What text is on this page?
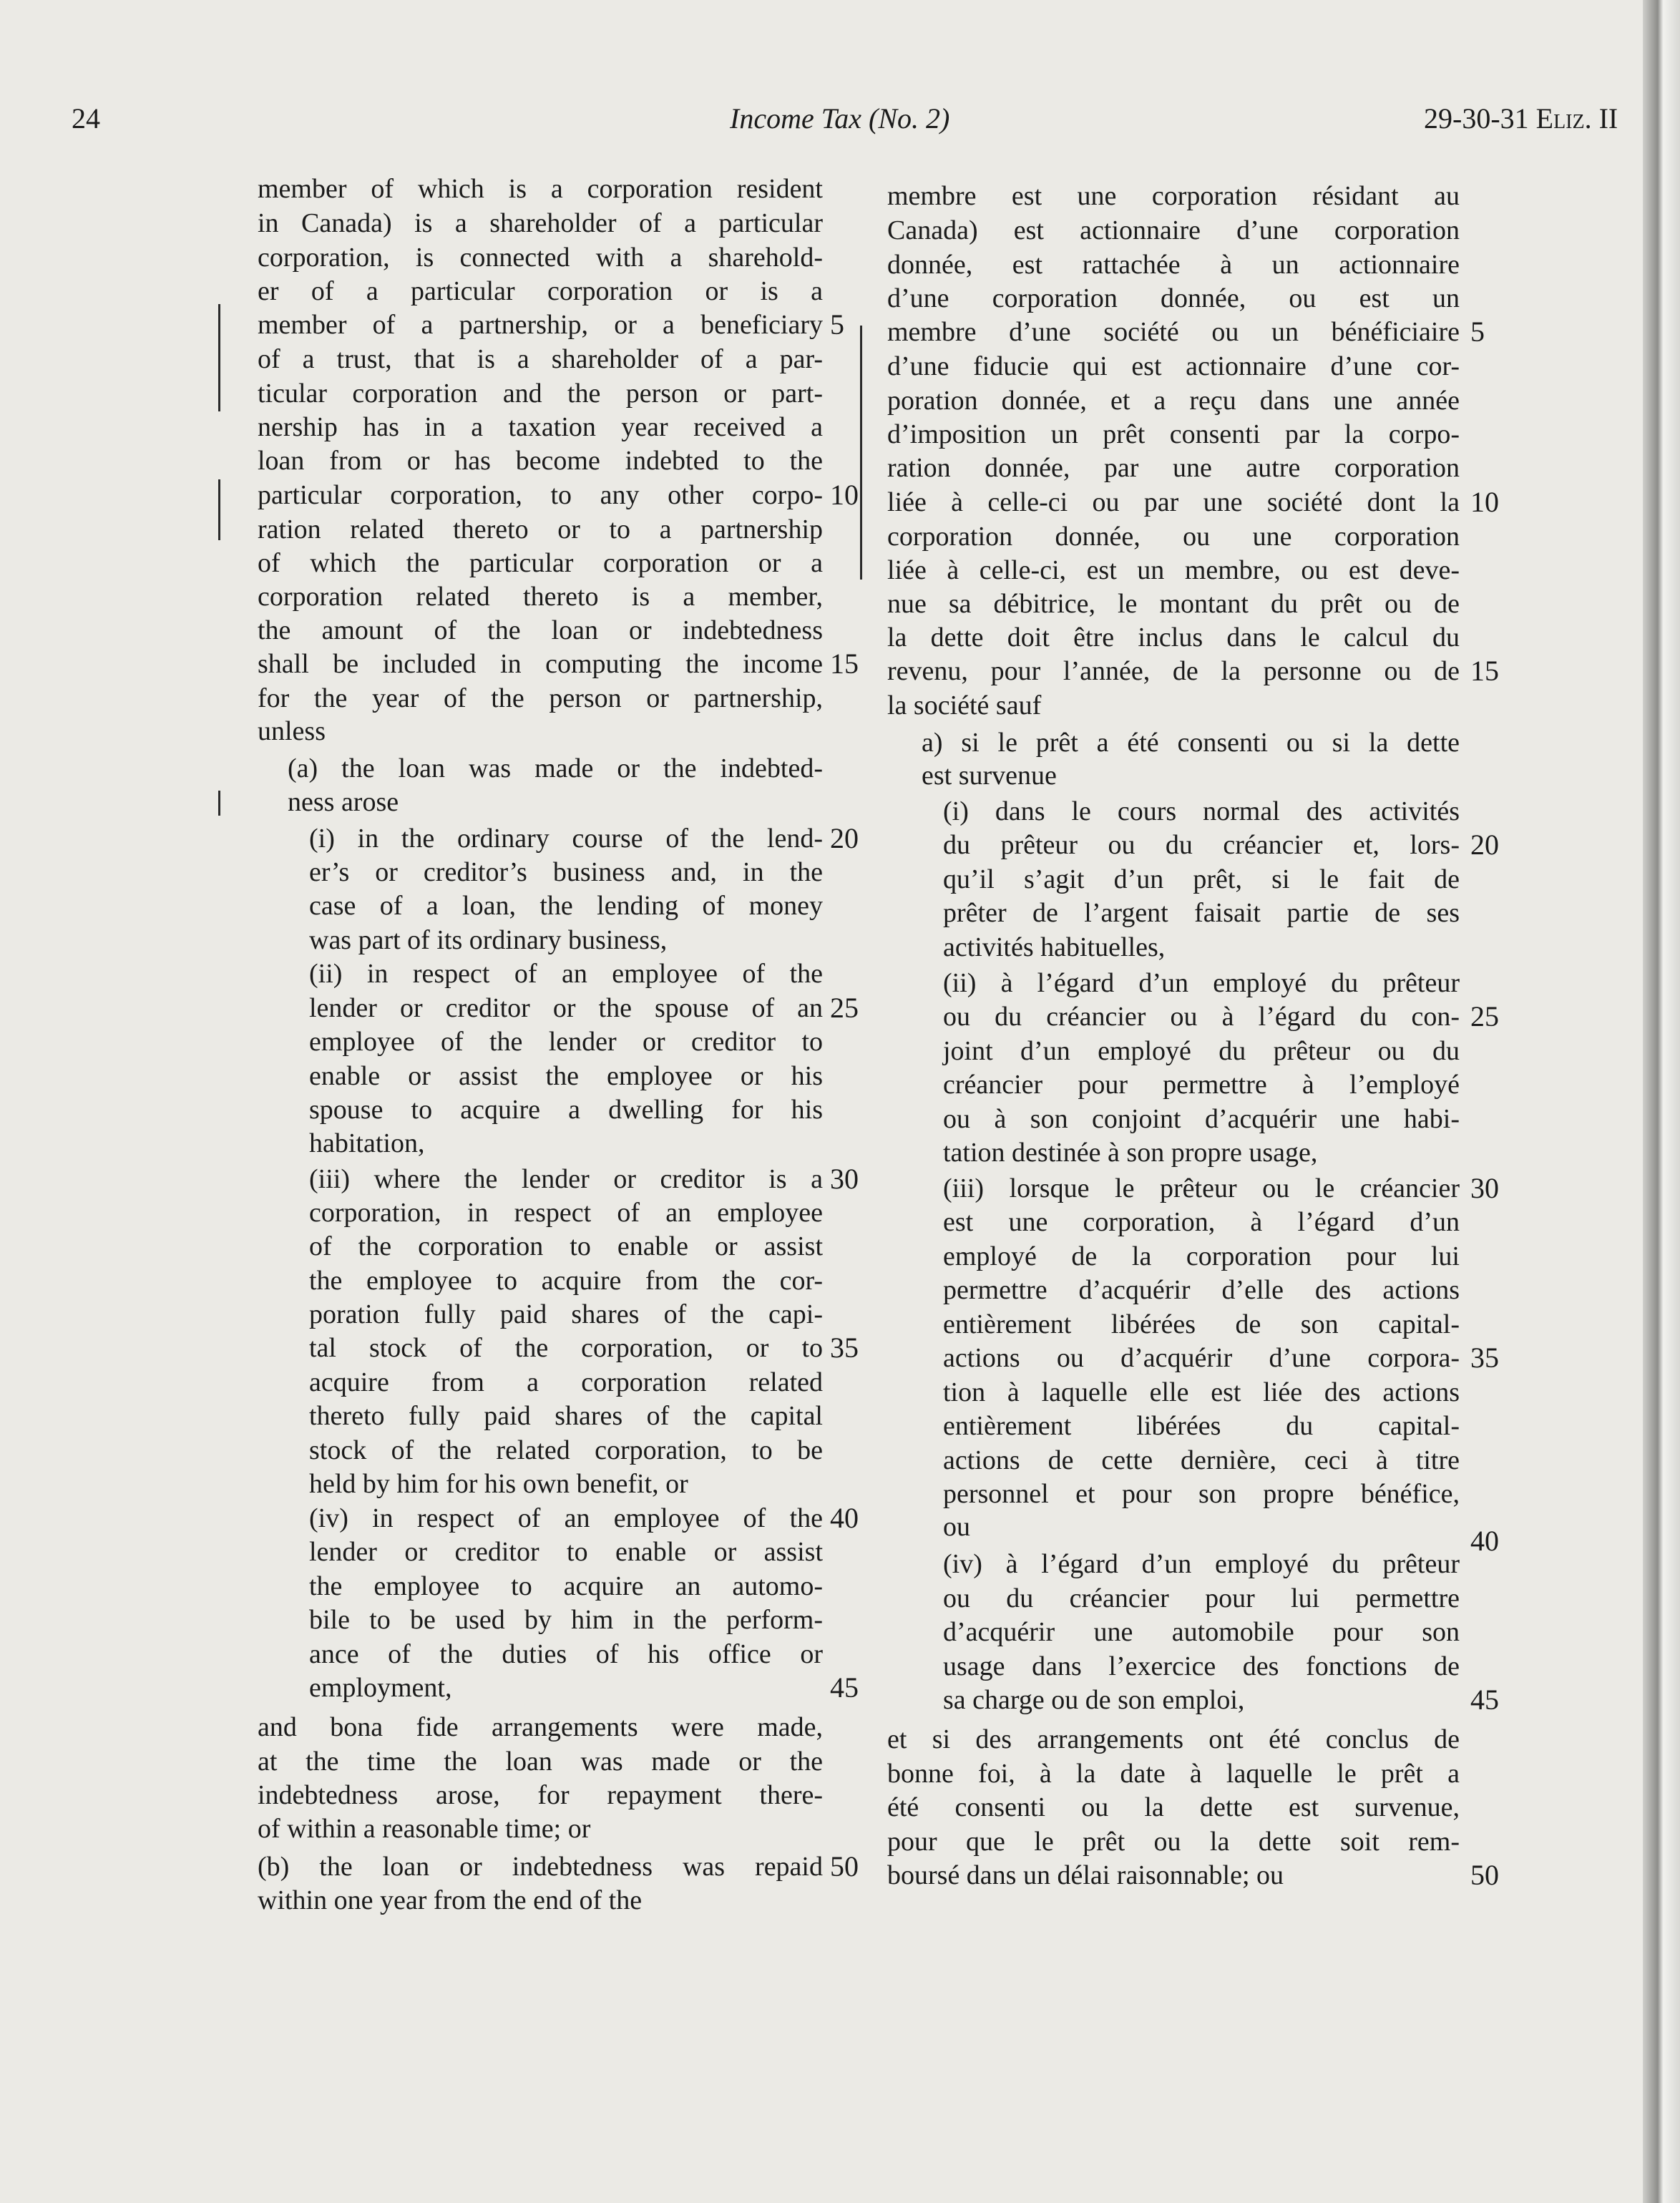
24	Income Tax (No. 2)	29-30-31 Eliz. II
member of which is a corporation resident
in Canada) is a shareholder of a particular
corporation, is connected with a sharehold-
er of a particular corporation or is a
member of a partnership, or a beneficiary
of a trust, that is a shareholder of a par-
ticular corporation and the person or part-
nership has in a taxation year received a
loan from or has become indebted to the
particular corporation, to any other corpo-
ration related thereto or to a partnership
of which the particular corporation or a
corporation related thereto is a member,
the amount of the loan or indebtedness
shall be included in computing the income
for the year of the person or partnership,
unless
(a) the loan was made or the indebted-
ness arose
(i) in the ordinary course of the lend-
er’s or creditor’s business and, in the
case of a loan, the lending of money
was part of its ordinary business,
(ii) in respect of an employee of the
lender or creditor or the spouse of an
employee of the lender or creditor to
enable or assist the employee or his
spouse to acquire a dwelling for his
habitation,
(iii) where the lender or creditor is a
corporation, in respect of an employee
of the corporation to enable or assist
the employee to acquire from the cor-
poration fully paid shares of the capi-
tal stock of the corporation, or to
acquire from a corporation related
thereto fully paid shares of the capital
stock of the related corporation, to be
held by him for his own benefit, or
(iv) in respect of an employee of the
lender or creditor to enable or assist
the employee to acquire an automo-
bile to be used by him in the perform-
ance of the duties of his office or
employment,
and bona fide arrangements were made,
at the time the loan was made or the
indebtedness arose, for repayment there-
of within a reasonable time; or
(b) the loan or indebtedness was repaid
within one year from the end of the
5
10
15
20
25
30
35
40
45
50
membre est une corporation résidant au
Canada) est actionnaire d’une corporation
donnée, est rattachée à un actionnaire
d’une corporation donnée, ou est un
membre d’une société ou un bénéficiaire
d’une fiducie qui est actionnaire d’une cor-
poration donnée, et a reçu dans une année
d’imposition un prêt consenti par la corpo-
ration donnée, par une autre corporation
liée à celle-ci ou par une société dont la
corporation donnée, ou une corporation
liée à celle-ci, est un membre, ou est deve-
nue sa débitrice, le montant du prêt ou de
la dette doit être inclus dans le calcul du
revenu, pour l’année, de la personne ou de
la société sauf
a) si le prêt a été consenti ou si la dette
est survenue
(i) dans le cours normal des activités
du prêteur ou du créancier et, lors-
qu’il s’agit d’un prêt, si le fait de
prêter de l’argent faisait partie de ses
activités habituelles,
(ii) à l’égard d’un employé du prêteur
ou du créancier ou à l’égard du con-
joint d’un employé du prêteur ou du
créancier pour permettre à l’employé
ou à son conjoint d’acquérir une habi-
tation destinée à son propre usage,
(iii) lorsque le prêteur ou le créancier
est une corporation, à l’égard d’un
employé de la corporation pour lui
permettre d’acquérir d’elle des actions
entièrement libérées de son capital-
actions ou d’acquérir d’une corpora-
tion à laquelle elle est liée des actions
entièrement libérées du capital-
actions de cette dernière, ceci à titre
personnel et pour son propre bénéfice,
ou
(iv) à l’égard d’un employé du prêteur
ou du créancier pour lui permettre
d’acquérir une automobile pour son
usage dans l’exercice des fonctions de
sa charge ou de son emploi,
et si des arrangements ont été conclus de
bonne foi, à la date à laquelle le prêt a
été consenti ou la dette est survenue,
pour que le prêt ou la dette soit rem-
boursé dans un délai raisonnable; ou
5
10
15
20
25
30
35
40
45
50
